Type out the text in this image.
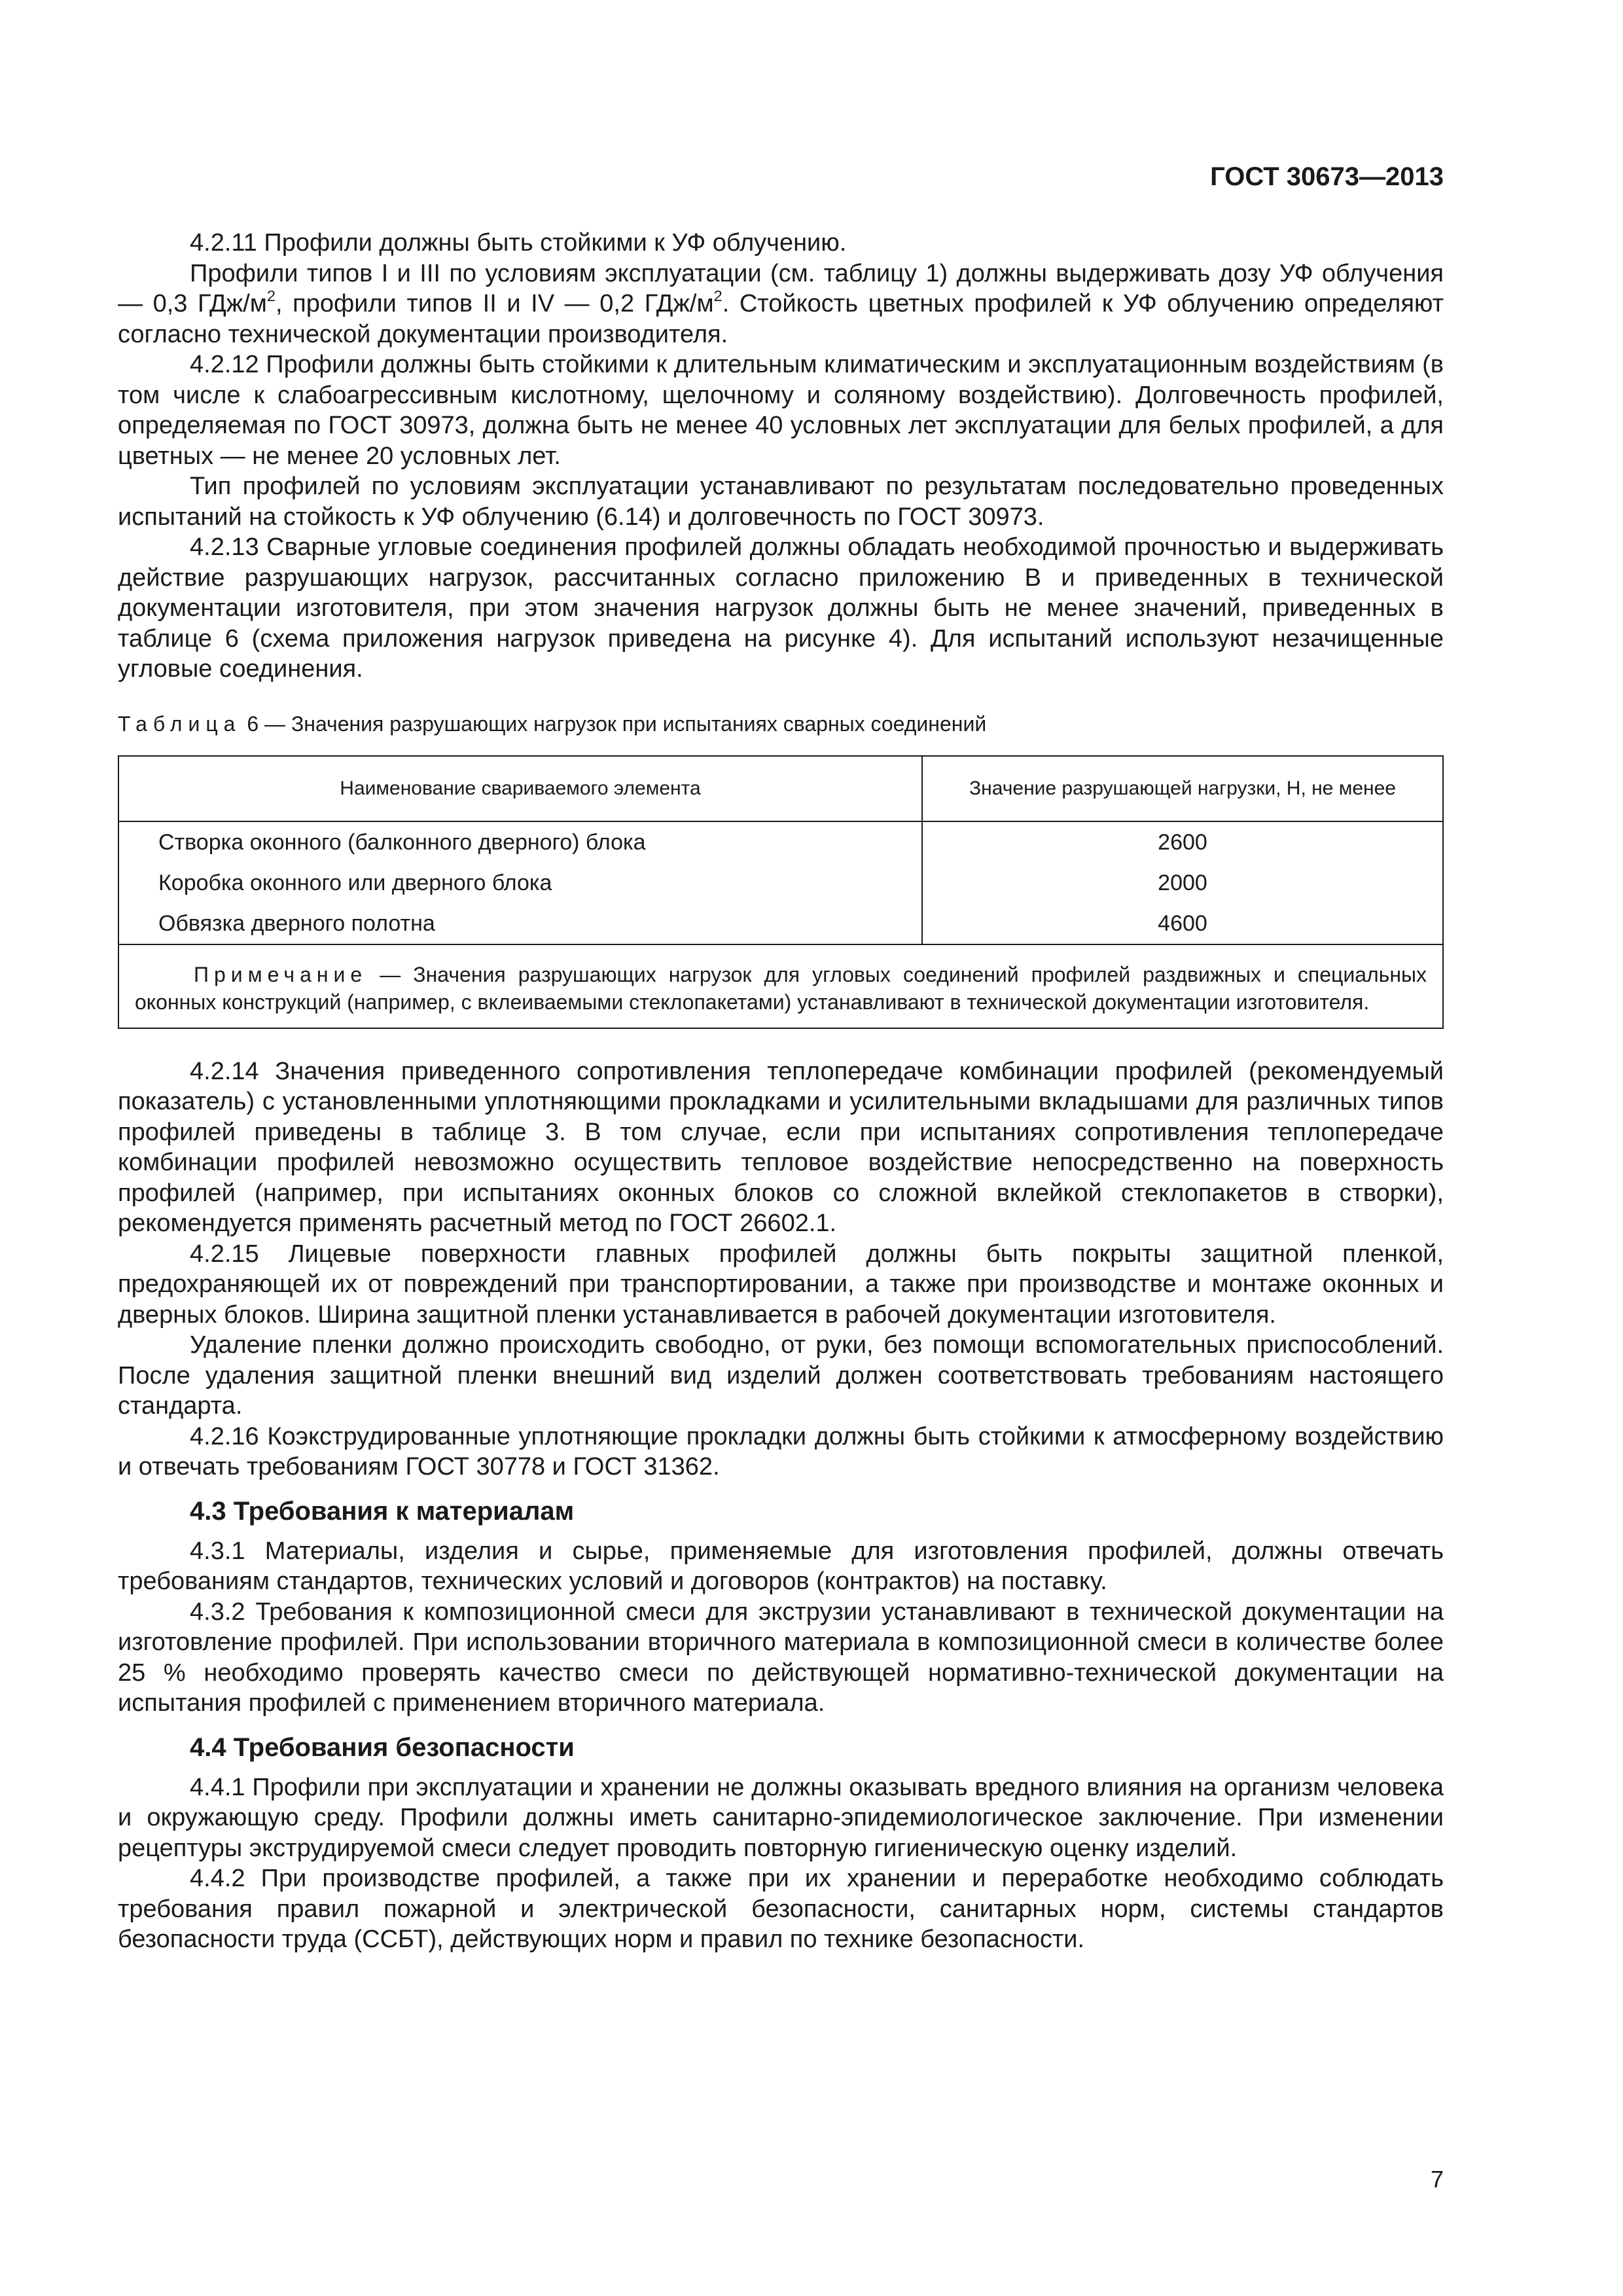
ГОСТ 30673—2013

4.2.11 Профили должны быть стойкими к УФ облучению.

Профили типов I и III по условиям эксплуатации (см. таблицу 1) должны выдерживать дозу УФ облучения — 0,3 ГДж/$м^2$, профили типов II и IV — 0,2 ГДж/$м^2$. Стойкость цветных профилей к УФ облучению определяют согласно технической документации производителя.

4.2.12 Профили должны быть стойкими к длительным климатическим и эксплуатационным воздействиям (в том числе к слабоагрессивным кислотному, щелочному и соляному воздействию). Долговечность профилей, определяемая по ГОСТ 30973, должна быть не менее 40 условных лет эксплуатации для белых профилей, а для цветных — не менее 20 условных лет.

Тип профилей по условиям эксплуатации устанавливают по результатам последовательно проведенных испытаний на стойкость к УФ облучению (6.14) и долговечность по ГОСТ 30973.

4.2.13 Сварные угловые соединения профилей должны обладать необходимой прочностью и выдерживать действие разрушающих нагрузок, рассчитанных согласно приложению В и приведенных в технической документации изготовителя, при этом значения нагрузок должны быть не менее значений, приведенных в таблице 6 (схема приложения нагрузок приведена на рисунке 4). Для испытаний используют незачищенные угловые соединения.

Таблица 6 — Значения разрушающих нагрузок при испытаниях сварных соединений
Наименование свариваемого элемента	Значение разрушающей нагрузки, Н, не менее
Створка оконного (балконного дверного) блока	2600
Коробка оконного или дверного блока	2000
Обвязка дверного полотна	4600
Примечание — Значения разрушающих нагрузок для угловых соединений профилей раздвижных и специальных оконных конструкций (например, с вклеиваемыми стеклопакетами) устанавливают в технической документации изготовителя.	

4.2.14 Значения приведенного сопротивления теплопередаче комбинации профилей (рекомендуемый показатель) с установленными уплотняющими прокладками и усилительными вкладышами для различных типов профилей приведены в таблице 3. В том случае, если при испытаниях сопротивления теплопередаче комбинации профилей невозможно осуществить тепловое воздействие непосредственно на поверхность профилей (например, при испытаниях оконных блоков со сложной вклейкой стеклопакетов в створки), рекомендуется применять расчетный метод по ГОСТ 26602.1.

4.2.15 Лицевые поверхности главных профилей должны быть покрыты защитной пленкой, предохраняющей их от повреждений при транспортировании, а также при производстве и монтаже оконных и дверных блоков. Ширина защитной пленки устанавливается в рабочей документации изготовителя.

Удаление пленки должно происходить свободно, от руки, без помощи вспомогательных приспособлений. После удаления защитной пленки внешний вид изделий должен соответствовать требованиям настоящего стандарта.

4.2.16 Коэкструдированные уплотняющие прокладки должны быть стойкими к атмосферному воздействию и отвечать требованиям ГОСТ 30778 и ГОСТ 31362.

4.3 Требования к материалам

4.3.1 Материалы, изделия и сырье, применяемые для изготовления профилей, должны отвечать требованиям стандартов, технических условий и договоров (контрактов) на поставку.

4.3.2 Требования к композиционной смеси для экструзии устанавливают в технической документации на изготовление профилей. При использовании вторичного материала в композиционной смеси в количестве более 25 % необходимо проверять качество смеси по действующей нормативно-технической документации на испытания профилей с применением вторичного материала.

4.4 Требования безопасности

4.4.1 Профили при эксплуатации и хранении не должны оказывать вредного влияния на организм человека и окружающую среду. Профили должны иметь санитарно-эпидемиологическое заключение. При изменении рецептуры экструдируемой смеси следует проводить повторную гигиеническую оценку изделий.

4.4.2 При производстве профилей, а также при их хранении и переработке необходимо соблюдать требования правил пожарной и электрической безопасности, санитарных норм, системы стандартов безопасности труда (ССБТ), действующих норм и правил по технике безопасности.

7
